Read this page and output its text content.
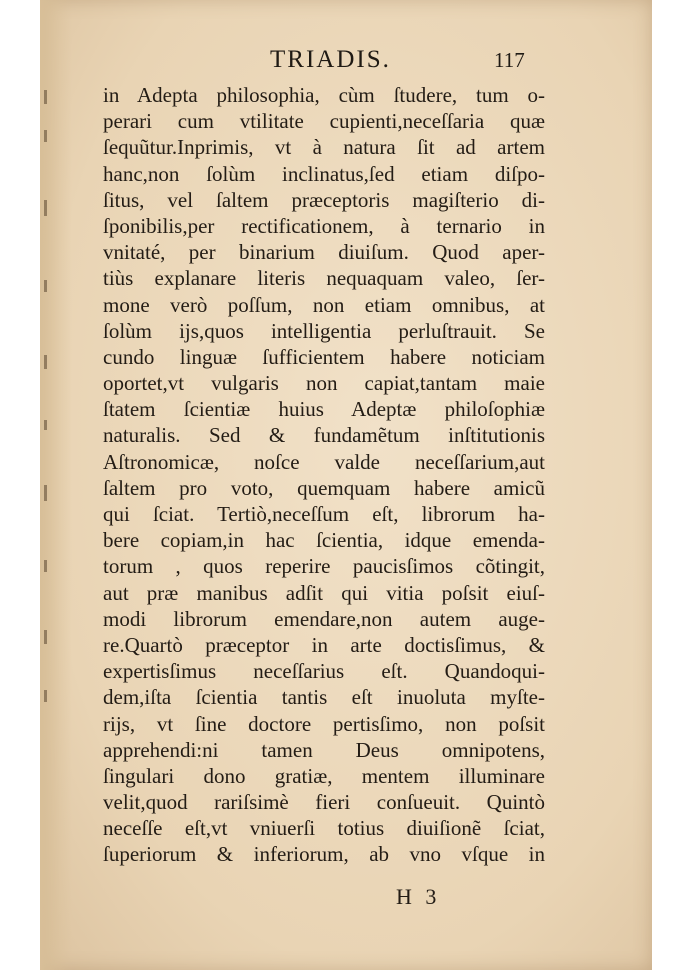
TRIADIS.	117
in Adepta philosophia, cùm ſtudere, tum o-
perari cum vtilitate cupienti,neceſſaria quæ
ſequũtur.Inprimis, vt à natura ſit ad artem
hanc,non ſolùm inclinatus,ſed etiam diſpo-
ſitus, vel ſaltem præceptoris magiſterio di-
ſponibilis,per rectificationem, à ternario in
vnitaté, per binarium diuiſum. Quod aper-
tiùs explanare literis nequaquam valeo, ſer-
mone verò poſſum, non etiam omnibus, at
ſolùm ijs,quos intelligentia perluſtrauit. Se
cundo linguæ ſufficientem habere noticiam
oportet,vt vulgaris non capiat,tantam maie
ſtatem ſcientiæ huius Adeptæ philoſophiæ
naturalis. Sed & fundamẽtum inſtitutionis
Aſtronomicæ, noſce valde neceſſarium,aut
ſaltem pro voto, quemquam habere amicũ
qui ſciat. Tertiò,neceſſum eſt, librorum ha-
bere copiam,in hac ſcientia, idque emenda-
torum , quos reperire paucisſimos cõtingit,
aut præ manibus adſit qui vitia poſsit eiuſ-
modi librorum emendare,non autem auge-
re.Quartò præceptor in arte doctisſimus, &
expertisſimus neceſſarius eſt. Quandoqui-
dem,iſta ſcientia tantis eſt inuoluta myſte-
rijs, vt ſine doctore pertisſimo, non poſsit
apprehendi:ni tamen Deus omnipotens,
ſingulari dono gratiæ, mentem illuminare
velit,quod rariſsimè fieri conſueuit. Quintò
neceſſe eſt,vt vniuerſi totius diuiſionẽ ſciat,
ſuperiorum & inferiorum, ab vno vſque in
H 3
